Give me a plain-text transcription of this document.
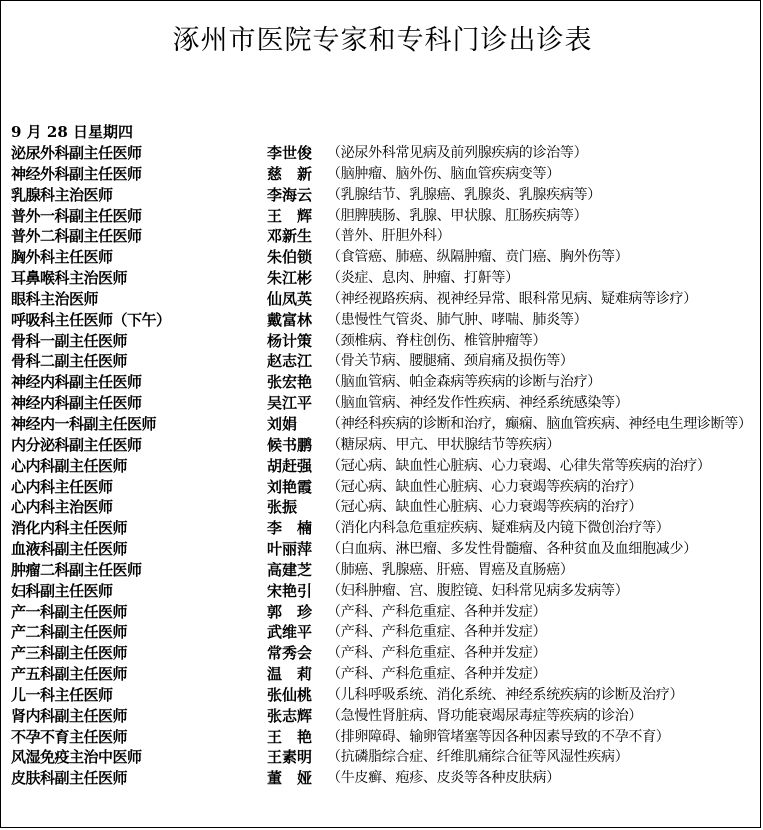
涿州市医院专家和专科门诊出诊表
9 月 28 日星期四
泌尿外科副主任医师	李世俊 （泌尿外科常见病及前列腺疾病的诊治等）
神经外科副主任医师	慈　新 （脑肿瘤、脑外伤、脑血管疾病变等）
乳腺科主治医师	李海云 （乳腺结节、乳腺癌、乳腺炎、乳腺疾病等）
普外一科副主任医师	王　辉 （胆脾胰肠、乳腺、甲状腺、肛肠疾病等）
普外二科副主任医师	邓新生 （普外、肝胆外科）
胸外科主任医师	朱伯锁 （食管癌、肺癌、纵隔肿瘤、贲门癌、胸外伤等）
耳鼻喉科主治医师	朱江彬 （炎症、息肉、肿瘤、打鼾等）
眼科主治医师	仙凤英 （神经视路疾病、视神经异常、眼科常见病、疑难病等诊疗）
呼吸科主任医师（下午）	戴富林 （患慢性气管炎、肺气肿、哮喘、肺炎等）
骨科一副主任医师	杨计策 （颈椎病、脊柱创伤、椎管肿瘤等）
骨科二副主任医师	赵志江 （骨关节病、腰腿痛、颈肩痛及损伤等）
神经内科副主任医师	张宏艳 （脑血管病、帕金森病等疾病的诊断与治疗）
神经内科副主任医师	吴江平 （脑血管病、神经发作性疾病、神经系统感染等）
神经内一科副主任医师	刘娟 （神经科疾病的诊断和治疗，癫痫、脑血管疾病、神经电生理诊断等）
内分泌科副主任医师	候书鹏 （糖尿病、甲亢、甲状腺结节等疾病）
心内科副主任医师	胡赶强 （冠心病、缺血性心脏病、心力衰竭、心律失常等疾病的治疗）
心内科主任医师	刘艳霞 （冠心病、缺血性心脏病、心力衰竭等疾病的治疗）
心内科主治医师	张振 （冠心病、缺血性心脏病、心力衰竭等疾病的治疗）
消化内科主任医师	李　楠 （消化内科急危重症疾病、疑难病及内镜下微创治疗等）
血液科副主任医师	叶丽萍 （白血病、淋巴瘤、多发性骨髓瘤、各种贫血及血细胞减少）
肿瘤二科副主任医师	高建芝 （肺癌、乳腺癌、肝癌、胃癌及直肠癌）
妇科副主任医师	宋艳引 （妇科肿瘤、宫、腹腔镜、妇科常见病多发病等）
产一科副主任医师	郭　珍 （产科、产科危重症、各种并发症）
产二科副主任医师	武维平 （产科、产科危重症、各种并发症）
产三科副主任医师	常秀会 （产科、产科危重症、各种并发症）
产五科副主任医师	温　莉 （产科、产科危重症、各种并发症）
儿一科主任医师	张仙桃 （儿科呼吸系统、消化系统、神经系统疾病的诊断及治疗）
肾内科副主任医师	张志辉 （急慢性肾脏病、肾功能衰竭尿毒症等疾病的诊治）
不孕不育主任医师	王　艳 （排卵障碍、输卵管堵塞等因各种因素导致的不孕不育）
风湿免疫主治中医师	王素明 （抗磷脂综合症、纤维肌痛综合征等风湿性疾病）
皮肤科副主任医师	董　娅 （牛皮癣、疱疹、皮炎等各种皮肤病）
